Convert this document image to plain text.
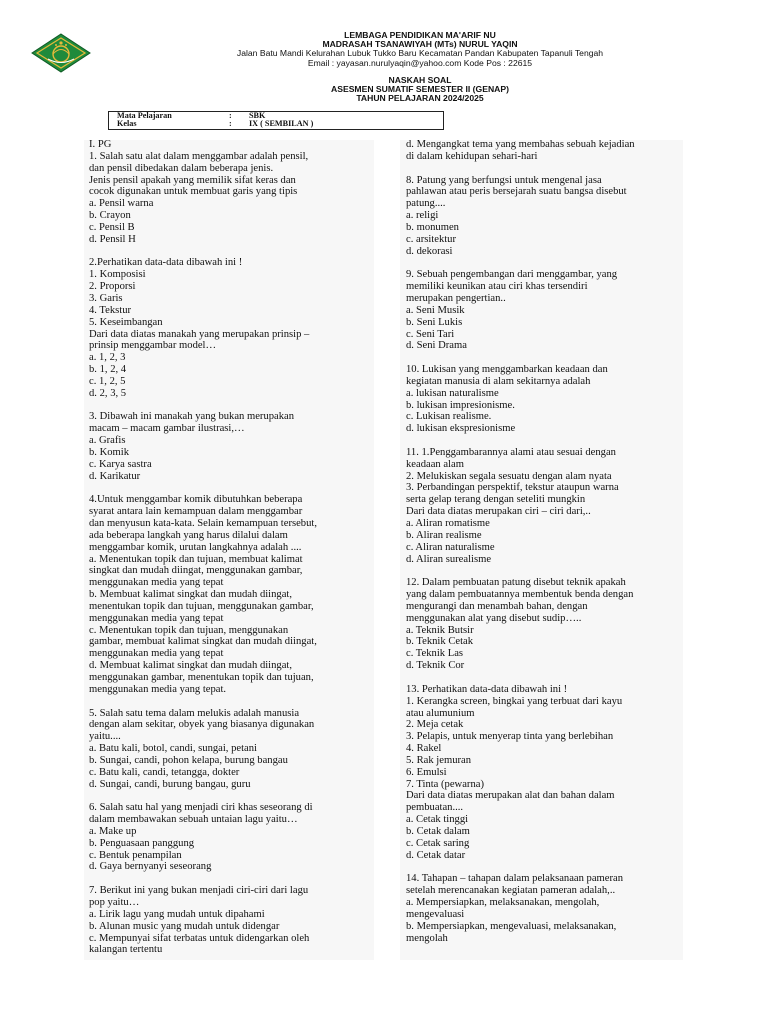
LEMBAGA PENDIDIKAN MA'ARIF NU
MADRASAH TSANAWIYAH (MTs) NURUL YAQIN
Jalan Batu Mandi Kelurahan Lubuk Tukko Baru Kecamatan Pandan Kabupaten Tapanuli Tengah
Email : yayasan.nurulyaqin@yahoo.com Kode Pos : 22615
NASKAH SOAL
ASESMEN SUMATIF SEMESTER II (GENAP)
TAHUN PELAJARAN 2024/2025
Mata Pelajaran	: SBK
Kelas	: IX ( SEMBILAN )
I. PG
1. Salah satu alat dalam menggambar adalah pensil,
dan pensil dibedakan dalam beberapa jenis.
Jenis pensil apakah yang memilik sifat keras dan
cocok digunakan untuk membuat garis yang tipis
a. Pensil warna
b. Crayon
c. Pensil B
d. Pensil H
2.Perhatikan data-data dibawah ini !
1. Komposisi
2. Proporsi
3. Garis
4. Tekstur
5. Keseimbangan
Dari data diatas manakah yang merupakan prinsip –
prinsip menggambar model…
a. 1, 2, 3
b. 1, 2, 4
c. 1, 2, 5
d. 2, 3, 5
3. Dibawah ini manakah yang bukan merupakan
macam – macam gambar ilustrasi,…
a. Grafis
b. Komik
c. Karya sastra
d. Karikatur
4.Untuk menggambar komik dibutuhkan beberapa
syarat antara lain kemampuan dalam menggambar
dan menyusun kata-kata. Selain kemampuan tersebut,
ada beberapa langkah yang harus dilalui dalam
menggambar komik, urutan langkahnya adalah ....
a. Menentukan topik dan tujuan, membuat kalimat
singkat dan mudah diingat, menggunakan gambar,
menggunakan media yang tepat
b. Membuat kalimat singkat dan mudah diingat,
menentukan topik dan tujuan, menggunakan gambar,
menggunakan media yang tepat
c. Menentukan topik dan tujuan, menggunakan
gambar, membuat kalimat singkat dan mudah diingat,
menggunakan media yang tepat
d. Membuat kalimat singkat dan mudah diingat,
menggunakan gambar, menentukan topik dan tujuan,
menggunakan media yang tepat.
5. Salah satu tema dalam melukis adalah manusia
dengan alam sekitar, obyek yang biasanya digunakan
yaitu....
a. Batu kali, botol, candi, sungai, petani
b. Sungai, candi, pohon kelapa, burung bangau
c. Batu kali, candi, tetangga, dokter
d. Sungai, candi, burung bangau, guru
6. Salah satu hal yang menjadi ciri khas seseorang di
dalam membawakan sebuah untaian lagu yaitu…
a. Make up
b. Penguasaan panggung
c. Bentuk penampilan
d. Gaya bernyanyi seseorang
7. Berikut ini yang bukan menjadi ciri-ciri dari lagu
pop yaitu…
a. Lirik lagu yang mudah untuk dipahami
b. Alunan music yang mudah untuk didengar
c. Mempunyai sifat terbatas untuk didengarkan oleh
kalangan tertentu
d. Mengangkat tema yang membahas sebuah kejadian
di dalam kehidupan sehari-hari
8. Patung yang berfungsi untuk mengenal jasa
pahlawan atau peris bersejarah suatu bangsa disebut
patung....
a. religi
b. monumen
c. arsitektur
d. dekorasi
9. Sebuah pengembangan dari menggambar, yang
memiliki keunikan atau ciri khas tersendiri
merupakan pengertian..
a. Seni Musik
b. Seni Lukis
c. Seni Tari
d. Seni Drama
10. Lukisan yang menggambarkan keadaan dan
kegiatan manusia di alam sekitarnya adalah
a. lukisan naturalisme
b. lukisan impresionisme.
c. Lukisan realisme.
d. lukisan ekspresionisme
11. 1.Penggambarannya alami atau sesuai dengan
keadaan alam
2. Melukiskan segala sesuatu dengan alam nyata
3. Perbandingan perspektif, tekstur ataupun warna
serta gelap terang dengan seteliti mungkin
Dari data diatas merupakan ciri – ciri dari,..
a. Aliran romatisme
b. Aliran realisme
c. Aliran naturalisme
d. Aliran surealisme
12. Dalam pembuatan patung disebut teknik apakah
yang dalam pembuatannya membentuk benda dengan
mengurangi dan menambah bahan, dengan
menggunakan alat yang disebut sudip…..
a. Teknik Butsir
b. Teknik Cetak
c. Teknik Las
d. Teknik Cor
13. Perhatikan data-data dibawah ini !
1. Kerangka screen, bingkai yang terbuat dari kayu
atau alumunium
2. Meja cetak
3. Pelapis, untuk menyerap tinta yang berlebihan
4. Rakel
5. Rak jemuran
6. Emulsi
7. Tinta (pewarna)
Dari data diatas merupakan alat dan bahan dalam
pembuatan....
a. Cetak tinggi
b. Cetak dalam
c. Cetak saring
d. Cetak datar
14. Tahapan – tahapan dalam pelaksanaan pameran
setelah merencanakan kegiatan pameran adalah,..
a. Mempersiapkan, melaksanakan, mengolah,
mengevaluasi
b. Mempersiapkan, mengevaluasi, melaksanakan,
mengolah
